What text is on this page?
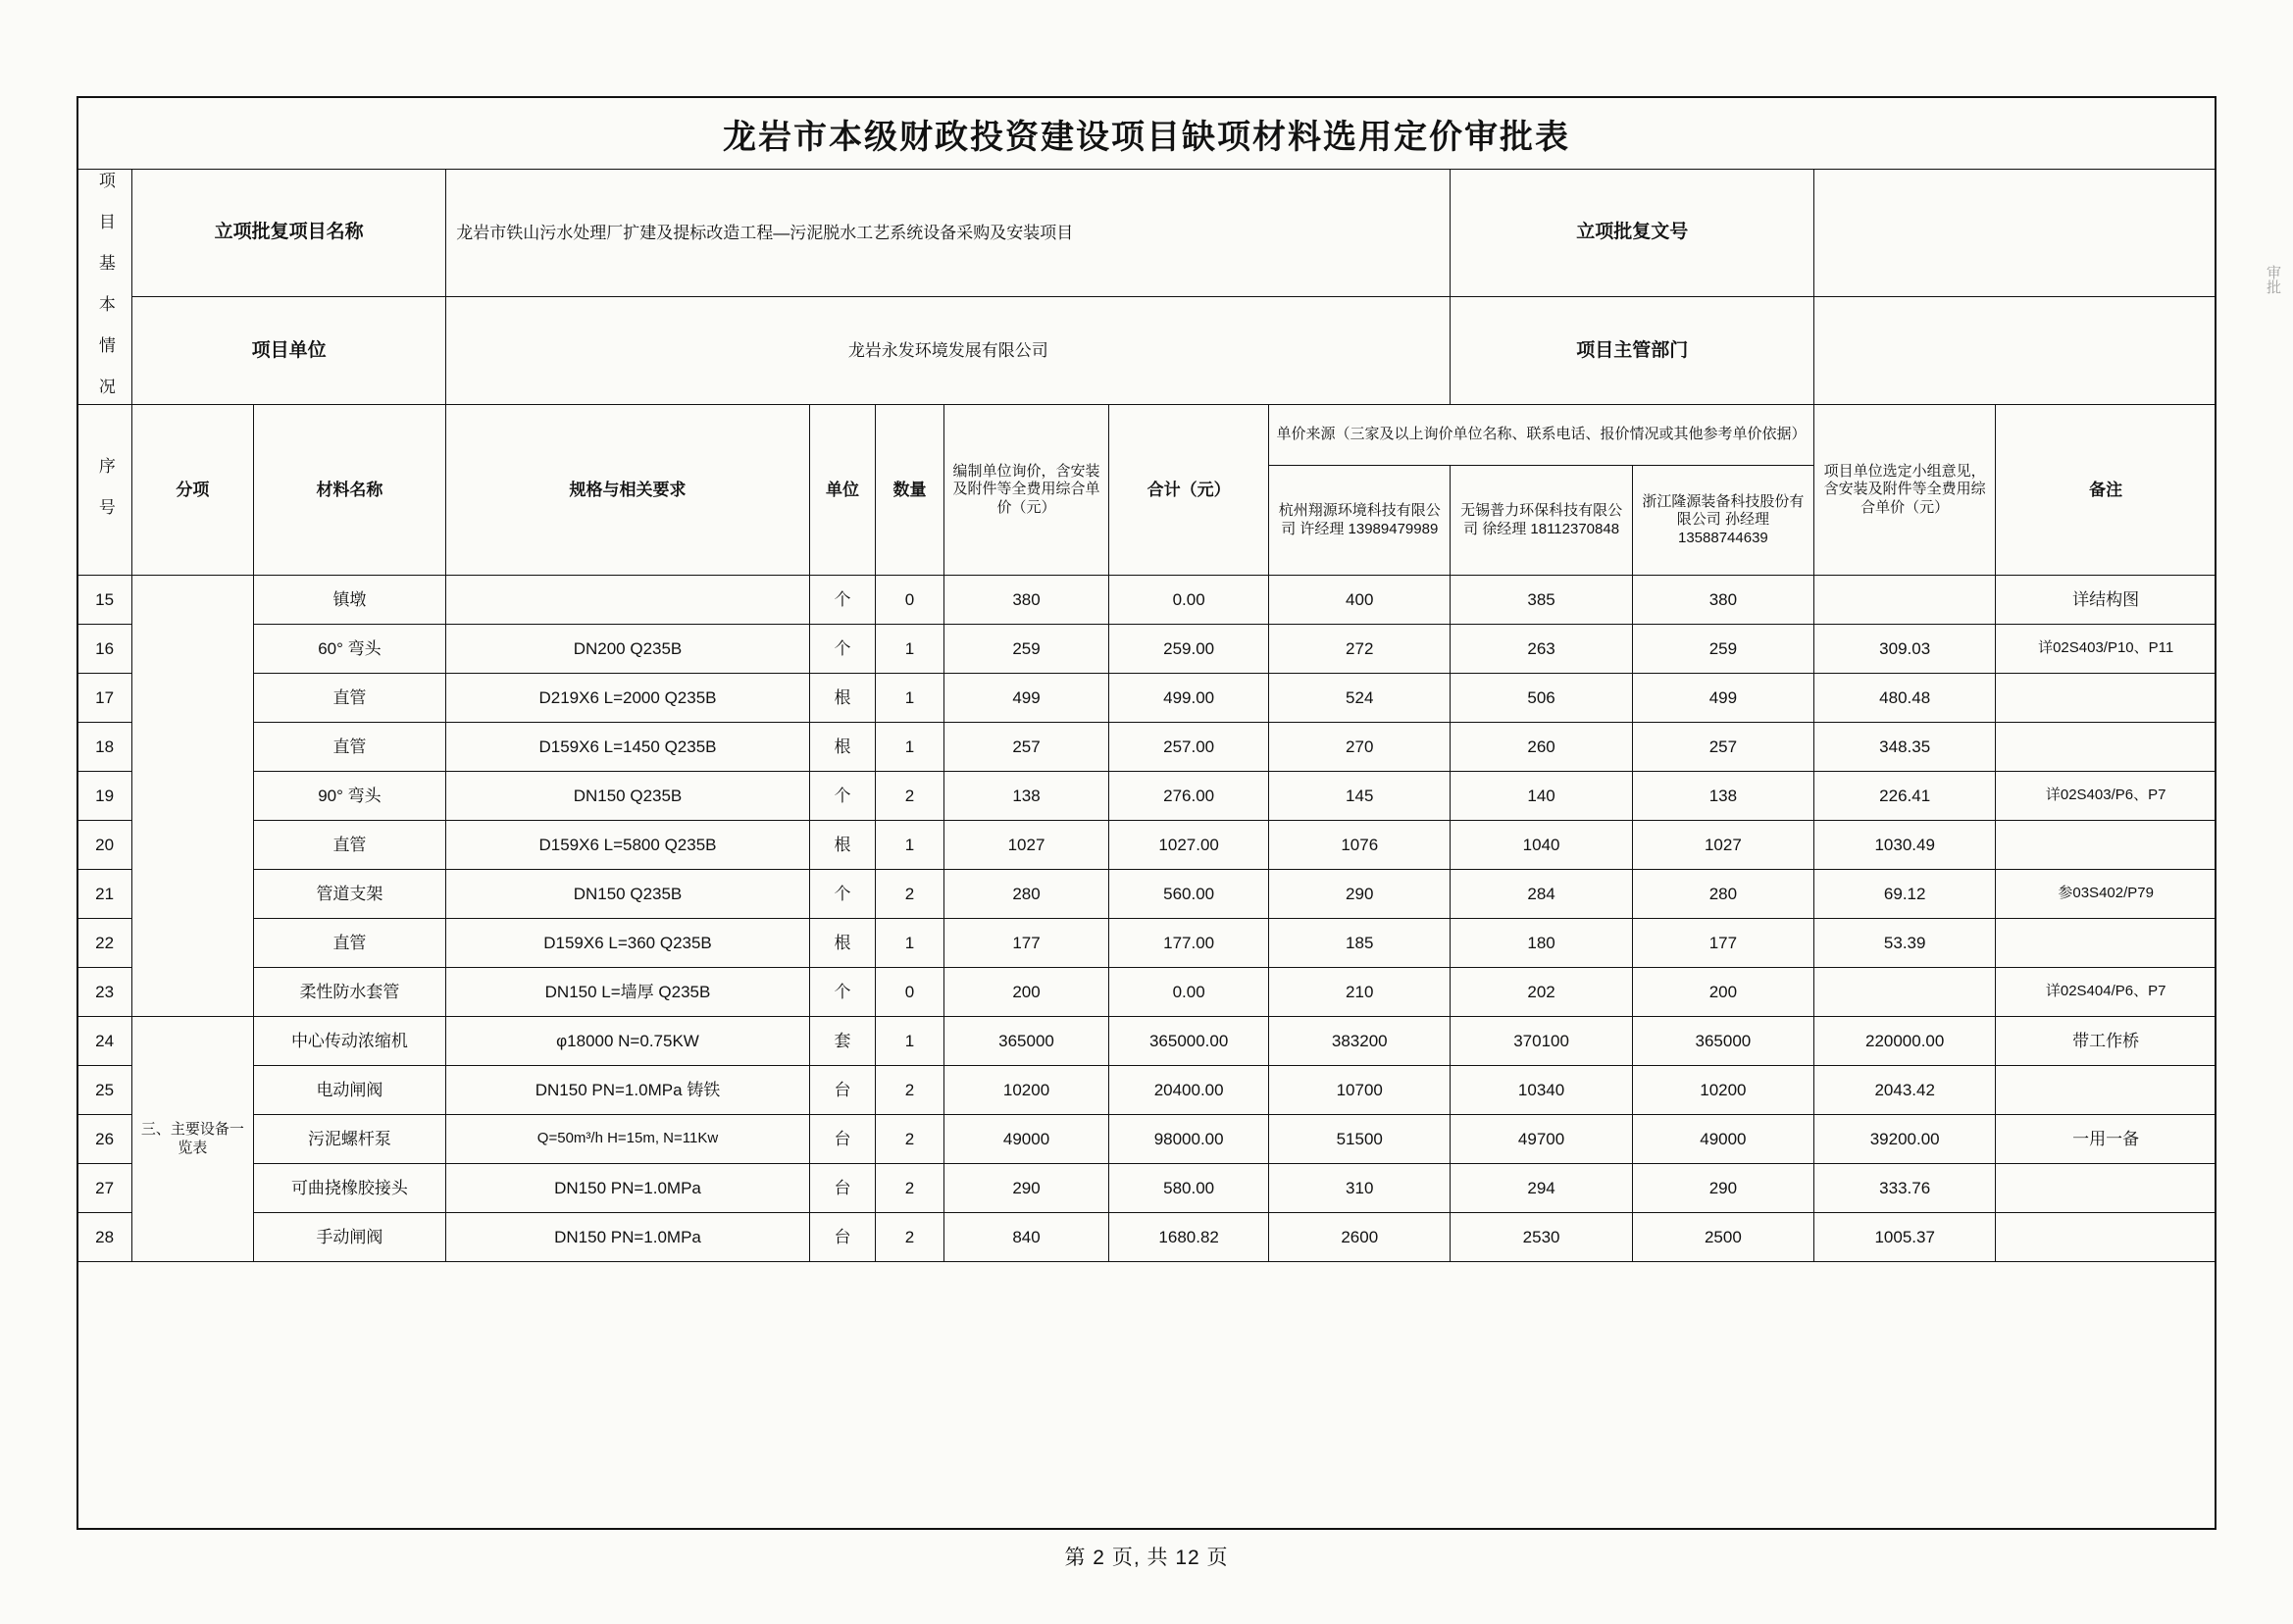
龙岩市本级财政投资建设项目缺项材料选用定价审批表
审批
项 目 基 本 情 况	立项批复项目名称		龙岩市铁山污水处理厂扩建及提标改造工程—污泥脱水工艺系统设备采购及安装项目						立项批复文号			
	项目单位		龙岩永发环境发展有限公司						项目主管部门			
序 号	分项	材料名称	规格与相关要求	单位	数量	编制单位询价，含安装及附件等全费用综合单价（元）	合计（元）	单价来源（三家及以上询价单位名称、联系电话、报价情况或其他参考单价依据）			项目单位选定小组意见，含安装及附件等全费用综合单价（元）	备注
								杭州翔源环境科技有限公司 许经理 13989479989	无锡普力环保科技有限公司 徐经理 18112370848	浙江隆源装备科技股份有限公司 孙经理 13588744639		
15		镇墩		个	0	380	0.00	400	385	380		详结构图
16		60° 弯头	DN200 Q235B	个	1	259	259.00	272	263	259	309.03	详02S403/P10、P11
17		直管	D219X6 L=2000 Q235B	根	1	499	499.00	524	506	499	480.48	
18		直管	D159X6 L=1450 Q235B	根	1	257	257.00	270	260	257	348.35	
19		90° 弯头	DN150 Q235B	个	2	138	276.00	145	140	138	226.41	详02S403/P6、P7
20		直管	D159X6 L=5800 Q235B	根	1	1027	1027.00	1076	1040	1027	1030.49	
21		管道支架	DN150 Q235B	个	2	280	560.00	290	284	280	69.12	参03S402/P79
22		直管	D159X6 L=360 Q235B	根	1	177	177.00	185	180	177	53.39	
23		柔性防水套管	DN150 L=墙厚 Q235B	个	0	200	0.00	210	202	200		详02S404/P6、P7
24	三、主要设备一览表	中心传动浓缩机	φ18000 N=0.75KW	套	1	365000	365000.00	383200	370100	365000	220000.00	带工作桥
25		电动闸阀	DN150 PN=1.0MPa 铸铁	台	2	10200	20400.00	10700	10340	10200	2043.42	
26		污泥螺杆泵	Q=50m³/h H=15m, N=11Kw	台	2	49000	98000.00	51500	49700	49000	39200.00	一用一备
27		可曲挠橡胶接头	DN150 PN=1.0MPa	台	2	290	580.00	310	294	290	333.76	
28		手动闸阀	DN150 PN=1.0MPa	台	2	840	1680.82	2600	2530	2500	1005.37	
第 2 页, 共 12 页
